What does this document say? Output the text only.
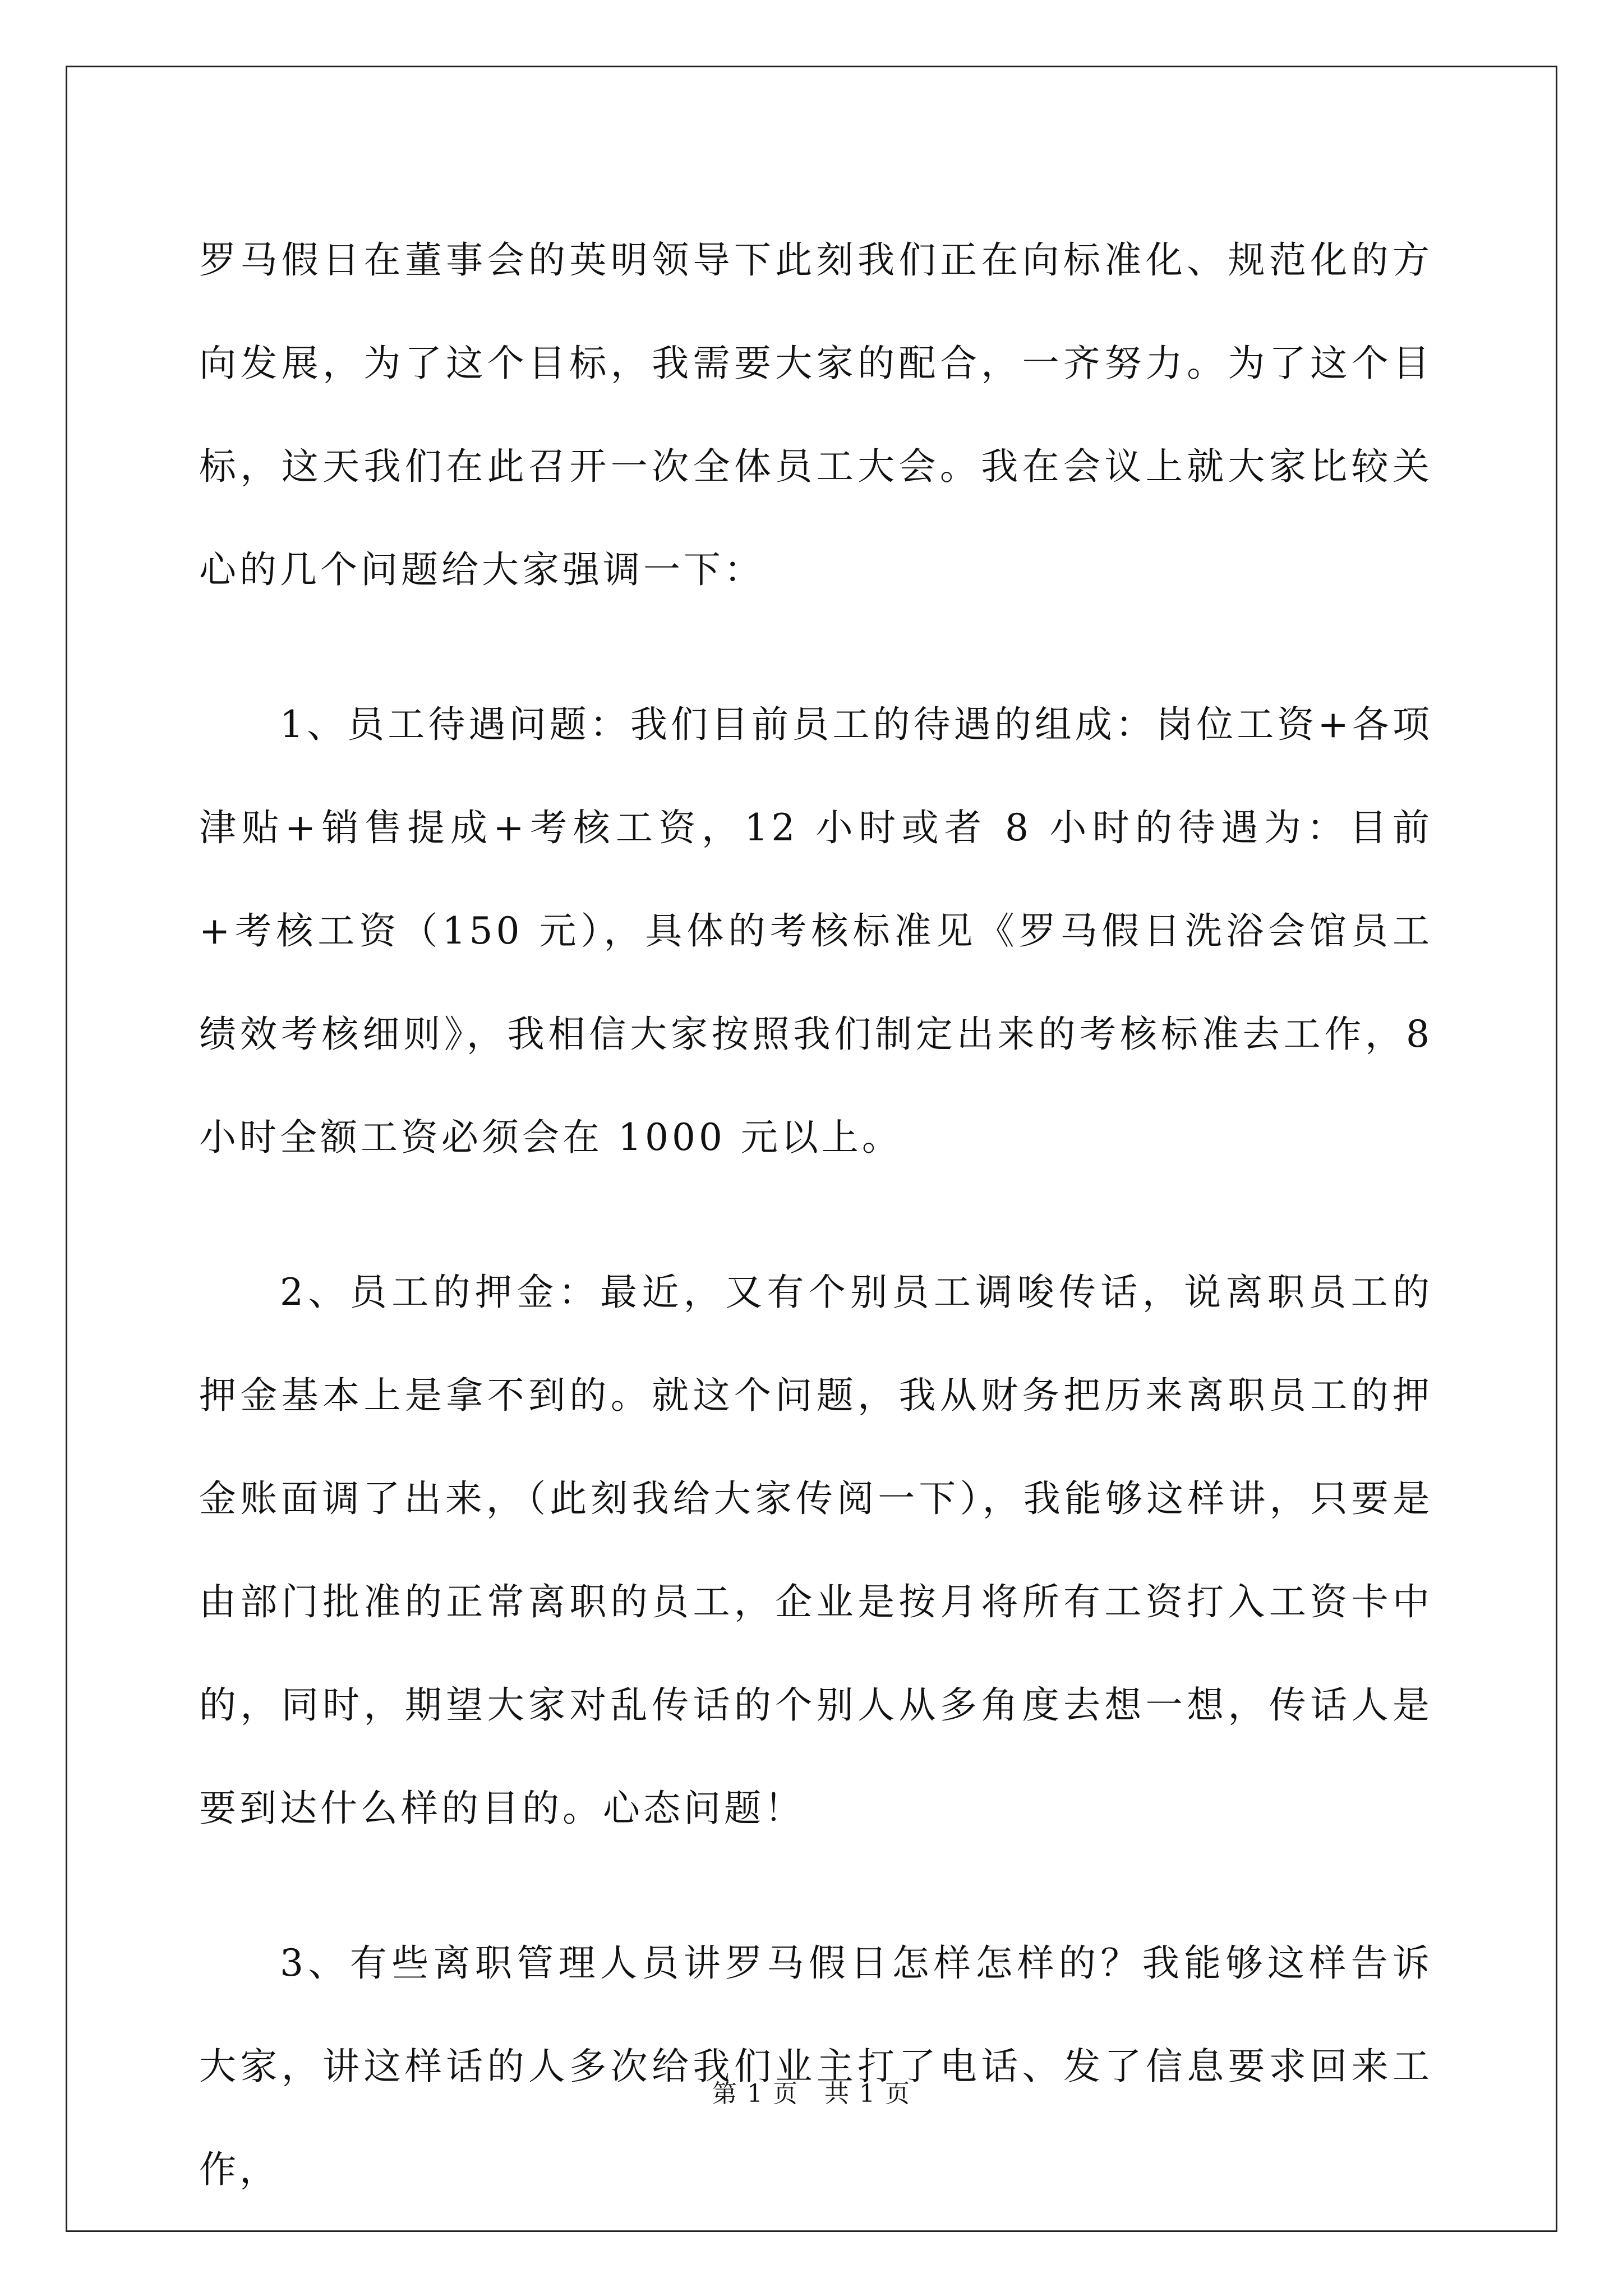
罗马假日在董事会的英明领导下此刻我们正在向标准化、规范化的方向发展，为了这个目标，我需要大家的配合，一齐努力。为了这个目标，这天我们在此召开一次全体员工大会。我在会议上就大家比较关心的几个问题给大家强调一下：

1、员工待遇问题：我们目前员工的待遇的组成：岗位工资+各项津贴+销售提成+考核工资，12 小时或者 8 小时的待遇为：目前+考核工资（150 元），具体的考核标准见《罗马假日洗浴会馆员工绩效考核细则》，我相信大家按照我们制定出来的考核标准去工作，8 小时全额工资必须会在 1000 元以上。

2、员工的押金：最近，又有个别员工调唆传话，说离职员工的押金基本上是拿不到的。就这个问题，我从财务把历来离职员工的押金账面调了出来，（此刻我给大家传阅一下），我能够这样讲，只要是由部门批准的正常离职的员工，企业是按月将所有工资打入工资卡中的，同时，期望大家对乱传话的个别人从多角度去想一想，传话人是要到达什么样的目的。心态问题！

3、有些离职管理人员讲罗马假日怎样怎样的？我能够这样告诉大家，讲这样话的人多次给我们业主打了电话、发了信息要求回来工作，

第 1 页　共 1 页
